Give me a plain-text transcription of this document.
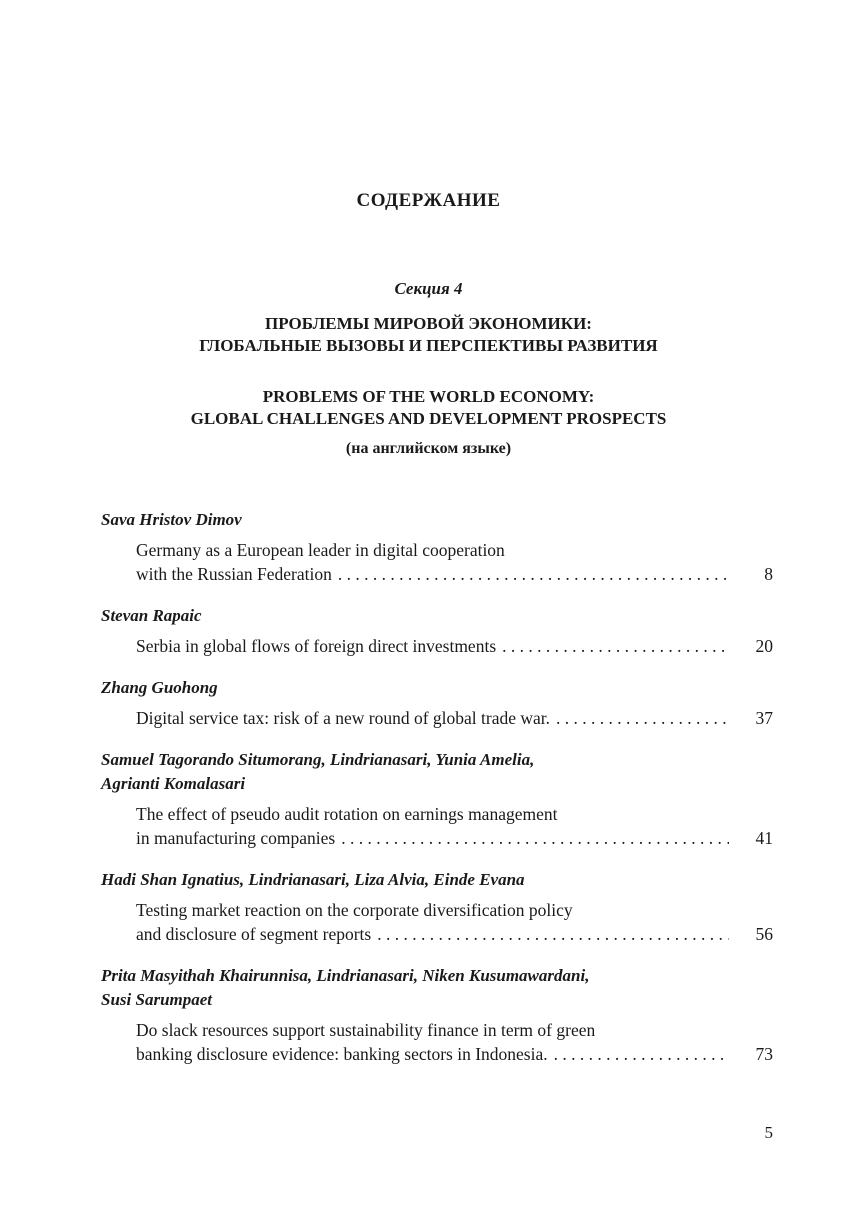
СОДЕРЖАНИЕ
Секция 4
ПРОБЛЕМЫ МИРОВОЙ ЭКОНОМИКИ:
ГЛОБАЛЬНЫЕ ВЫЗОВЫ И ПЕРСПЕКТИВЫ РАЗВИТИЯ
PROBLEMS OF THE WORLD ECONOMY:
GLOBAL CHALLENGES AND DEVELOPMENT PROSPECTS
(на английском языке)
Sava Hristov Dimov
Germany as a European leader in digital cooperation
with the Russian Federation . . .	8
Stevan Rapaic
Serbia in global flows of foreign direct investments . . .	20
Zhang Guohong
Digital service tax: risk of a new round of global trade war. . . .	37
Samuel Tagorando Situmorang, Lindrianasari, Yunia Amelia,
Agrianti Komalasari
The effect of pseudo audit rotation on earnings management
in manufacturing companies . . .	41
Hadi Shan Ignatius, Lindrianasari, Liza Alvia, Einde Evana
Testing market reaction on the corporate diversification policy
and disclosure of segment reports . . .	56
Prita Masyithah Khairunnisa, Lindrianasari, Niken Kusumawardani,
Susi Sarumpaet
Do slack resources support sustainability finance in term of green
banking disclosure evidence: banking sectors in Indonesia. . . .	73
5
